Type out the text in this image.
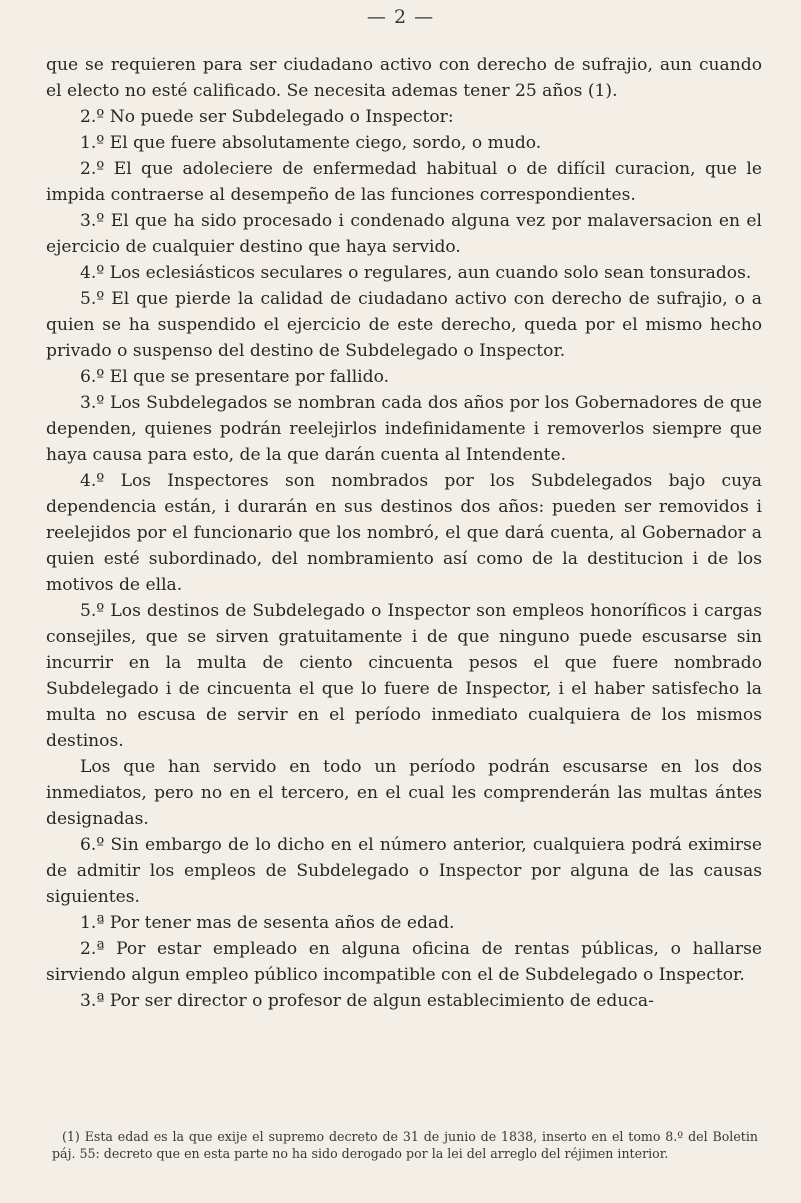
— 2 —

que se requieren para ser ciudadano activo con derecho de sufrajio, aun cuando el electo no esté calificado. Se necesita ademas tener 25 años (1).

2.º No puede ser Subdelegado o Inspector:

1.º El que fuere absolutamente ciego, sordo, o mudo.

2.º El que adoleciere de enfermedad habitual o de difícil curacion, que le impida contraerse al desempeño de las funciones correspondientes.

3.º El que ha sido procesado i condenado alguna vez por malaversacion en el ejercicio de cualquier destino que haya servido.

4.º Los eclesiásticos seculares o regulares, aun cuando solo sean tonsurados.

5.º El que pierde la calidad de ciudadano activo con derecho de sufrajio, o a quien se ha suspendido el ejercicio de este derecho, queda por el mismo hecho privado o suspenso del destino de Subdelegado o Inspector.

6.º El que se presentare por fallido.

3.º Los Subdelegados se nombran cada dos años por los Gobernadores de que dependen, quienes podrán reelejirlos indefinidamente i removerlos siempre que haya causa para esto, de la que darán cuenta al Intendente.

4.º Los Inspectores son nombrados por los Subdelegados bajo cuya dependencia están, i durarán en sus destinos dos años: pueden ser removidos i reelejidos por el funcionario que los nombró, el que dará cuenta, al Gobernador a quien esté subordinado, del nombramiento así como de la destitucion i de los motivos de ella.

5.º Los destinos de Subdelegado o Inspector son empleos honoríficos i cargas consejiles, que se sirven gratuitamente i de que ninguno puede escusarse sin incurrir en la multa de ciento cincuenta pesos el que fuere nombrado Subdelegado i de cincuenta el que lo fuere de Inspector, i el haber satisfecho la multa no escusa de servir en el período inmediato cualquiera de los mismos destinos.

Los que han servido en todo un período podrán escusarse en los dos inmediatos, pero no en el tercero, en el cual les comprenderán las multas ántes designadas.

6.º Sin embargo de lo dicho en el número anterior, cualquiera podrá eximirse de admitir los empleos de Subdelegado o Inspector por alguna de las causas siguientes.

1.ª Por tener mas de sesenta años de edad.

2.ª Por estar empleado en alguna oficina de rentas públicas, o hallarse sirviendo algun empleo público incompatible con el de Subdelegado o Inspector.

3.ª Por ser director o profesor de algun establecimiento de educa-

(1) Esta edad es la que exije el supremo decreto de 31 de junio de 1838, inserto en el tomo 8.º del Boletin páj. 55: decreto que en esta parte no ha sido derogado por la lei del arreglo del réjimen interior.
